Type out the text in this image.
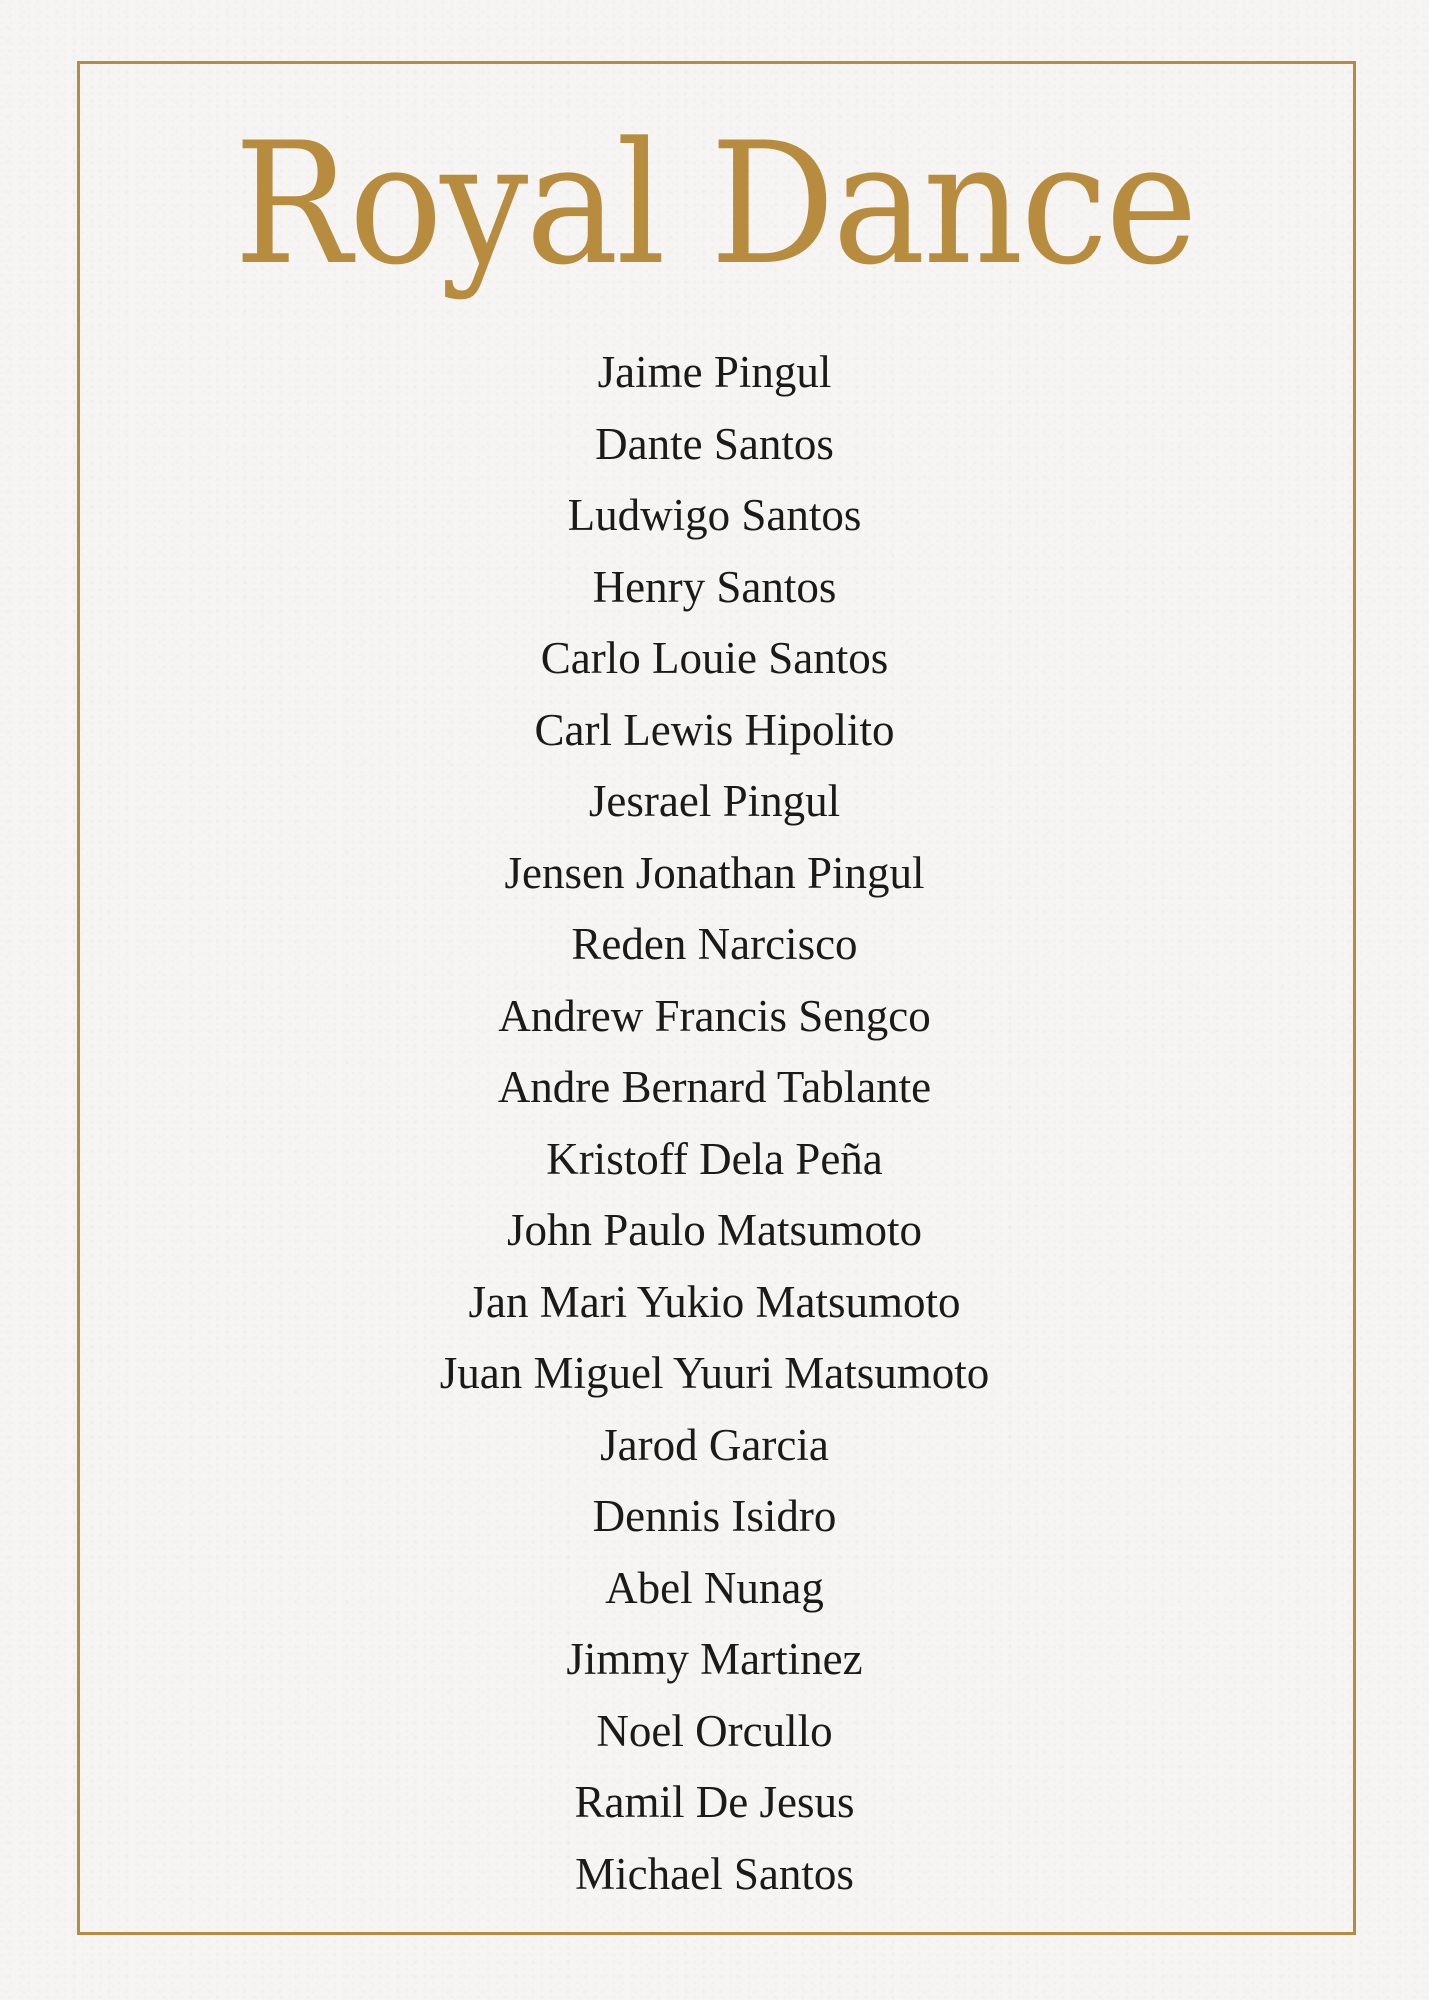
Royal Dance
Jaime Pingul
Dante Santos
Ludwigo Santos
Henry Santos
Carlo Louie Santos
Carl Lewis Hipolito
Jesrael Pingul
Jensen Jonathan Pingul
Reden Narcisco
Andrew Francis Sengco
Andre Bernard Tablante
Kristoff Dela Peña
John Paulo Matsumoto
Jan Mari Yukio Matsumoto
Juan Miguel Yuuri Matsumoto
Jarod Garcia
Dennis Isidro
Abel Nunag
Jimmy Martinez
Noel Orcullo
Ramil De Jesus
Michael Santos
